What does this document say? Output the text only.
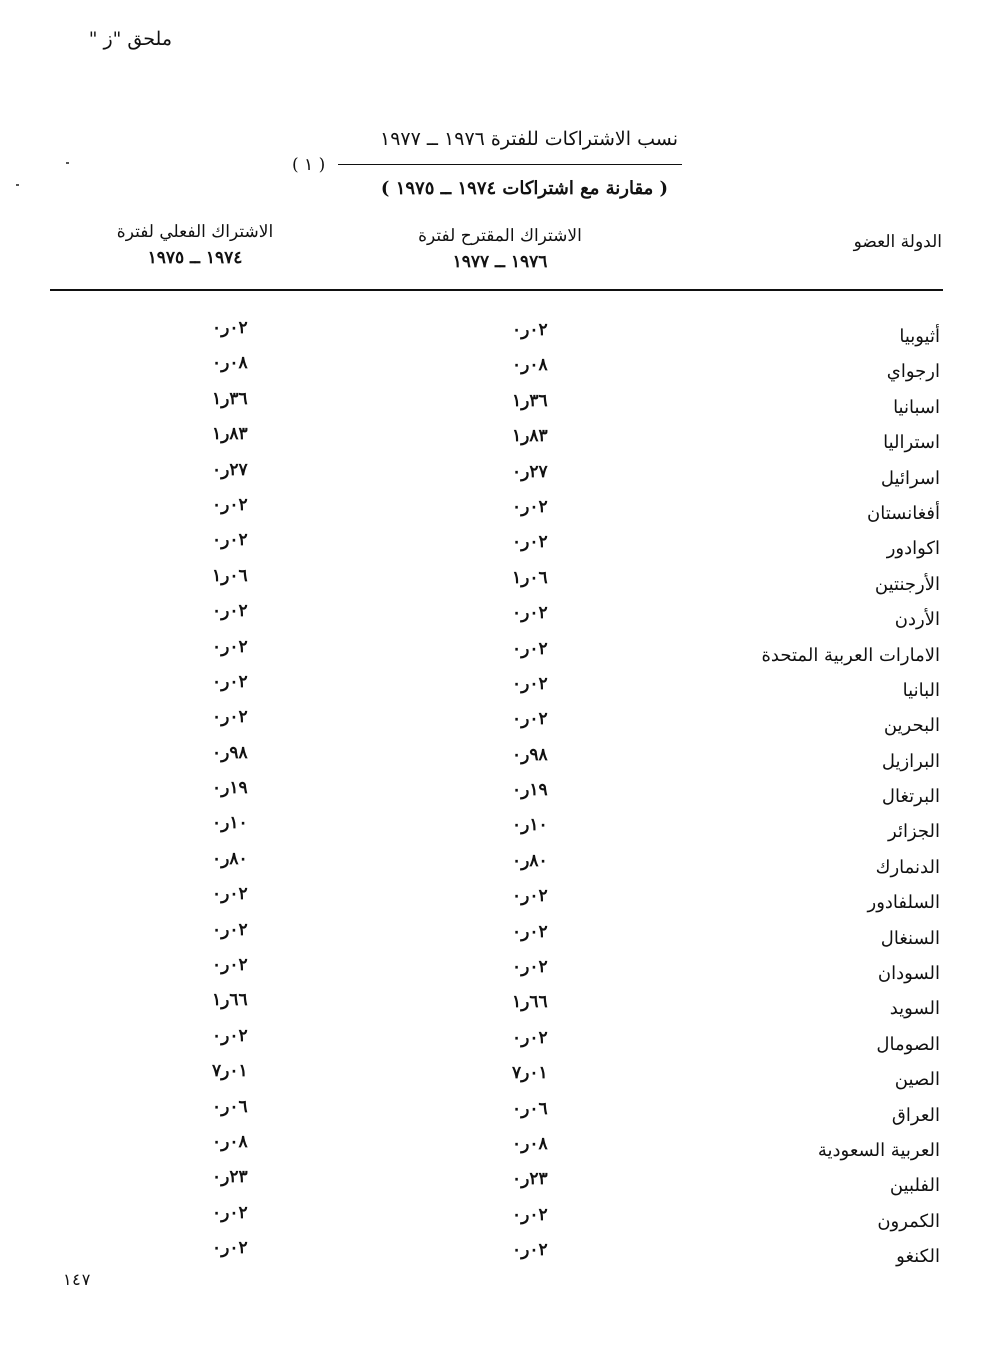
ملحق "ز "
نسب الاشتراكات للفترة ١٩٧٦ ــ ١٩٧٧
( ١ )
( مقارنة مع اشتراكات ١٩٧٤ ــ ١٩٧٥ )
الدولة العضو
الاشتراك المقترح لفترة
١٩٧٦ ــ ١٩٧٧
الاشتراك الفعلي لفترة
١٩٧٤ ــ ١٩٧٥
أثيوبيا
٠٢ر٠
٠٢ر٠
ارجواي
٠٨ر٠
٠٨ر٠
اسبانيا
٣٦ر١
٣٦ر١
استراليا
٨٣ر١
٨٣ر١
اسرائيل
٢٧ر٠
٢٧ر٠
أفغانستان
٠٢ر٠
٠٢ر٠
اكوادور
٠٢ر٠
٠٢ر٠
الأرجنتين
٠٦ر١
٠٦ر١
الأردن
٠٢ر٠
٠٢ر٠
الامارات العربية المتحدة
٠٢ر٠
٠٢ر٠
البانيا
٠٢ر٠
٠٢ر٠
البحرين
٠٢ر٠
٠٢ر٠
البرازيل
٩٨ر٠
٩٨ر٠
البرتغال
١٩ر٠
١٩ر٠
الجزائر
١٠ر٠
١٠ر٠
الدنمارك
٨٠ر٠
٨٠ر٠
السلفادور
٠٢ر٠
٠٢ر٠
السنغال
٠٢ر٠
٠٢ر٠
السودان
٠٢ر٠
٠٢ر٠
السويد
٦٦ر١
٦٦ر١
الصومال
٠٢ر٠
٠٢ر٠
الصين
٠١ر٧
٠١ر٧
العراق
٠٦ر٠
٠٦ر٠
العربية السعودية
٠٨ر٠
٠٨ر٠
الفلبين
٢٣ر٠
٢٣ر٠
الكمرون
٠٢ر٠
٠٢ر٠
الكنغو
٠٢ر٠
٠٢ر٠
١٤٧
